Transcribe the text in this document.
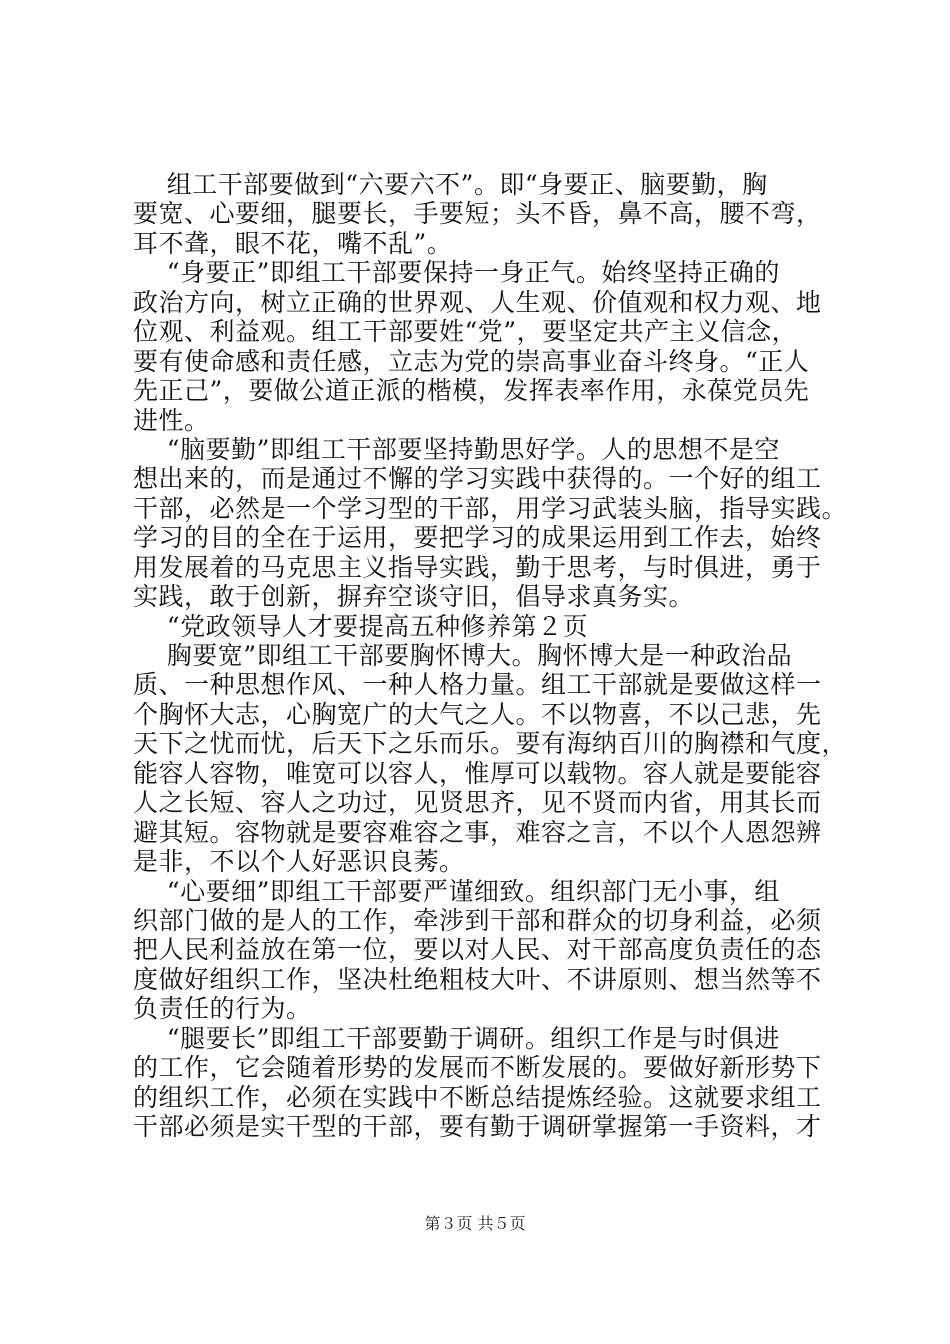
组工干部要做到“六要六不”。即“身要正、脑要勤，胸
要宽、心要细，腿要长，手要短；头不昏，鼻不高，腰不弯，
耳不聋，眼不花，嘴不乱”。
“身要正”即组工干部要保持一身正气。始终坚持正确的
政治方向，树立正确的世界观、人生观、价值观和权力观、地
位观、利益观。组工干部要姓“党”，要坚定共产主义信念，
要有使命感和责任感，立志为党的崇高事业奋斗终身。“正人
先正己”，要做公道正派的楷模，发挥表率作用，永葆党员先
进性。
“脑要勤”即组工干部要坚持勤思好学。人的思想不是空
想出来的，而是通过不懈的学习实践中获得的。一个好的组工
干部，必然是一个学习型的干部，用学习武装头脑，指导实践。
学习的目的全在于运用，要把学习的成果运用到工作去，始终
用发展着的马克思主义指导实践，勤于思考，与时俱进，勇于
实践，敢于创新，摒弃空谈守旧，倡导求真务实。
“党政领导人才要提高五种修养第２页
胸要宽”即组工干部要胸怀博大。胸怀博大是一种政治品
质、一种思想作风、一种人格力量。组工干部就是要做这样一
个胸怀大志，心胸宽广的大气之人。不以物喜，不以己悲，先
天下之忧而忧，后天下之乐而乐。要有海纳百川的胸襟和气度，
能容人容物，唯宽可以容人，惟厚可以载物。容人就是要能容
人之长短、容人之功过，见贤思齐，见不贤而内省，用其长而
避其短。容物就是要容难容之事，难容之言，不以个人恩怨辨
是非，不以个人好恶识良莠。
“心要细”即组工干部要严谨细致。组织部门无小事，组
织部门做的是人的工作，牵涉到干部和群众的切身利益，必须
把人民利益放在第一位，要以对人民、对干部高度负责任的态
度做好组织工作，坚决杜绝粗枝大叶、不讲原则、想当然等不
负责任的行为。
“腿要长”即组工干部要勤于调研。组织工作是与时俱进
的工作，它会随着形势的发展而不断发展的。要做好新形势下
的组织工作，必须在实践中不断总结提炼经验。这就要求组工
干部必须是实干型的干部，要有勤于调研掌握第一手资料，才
第３页 共５页
